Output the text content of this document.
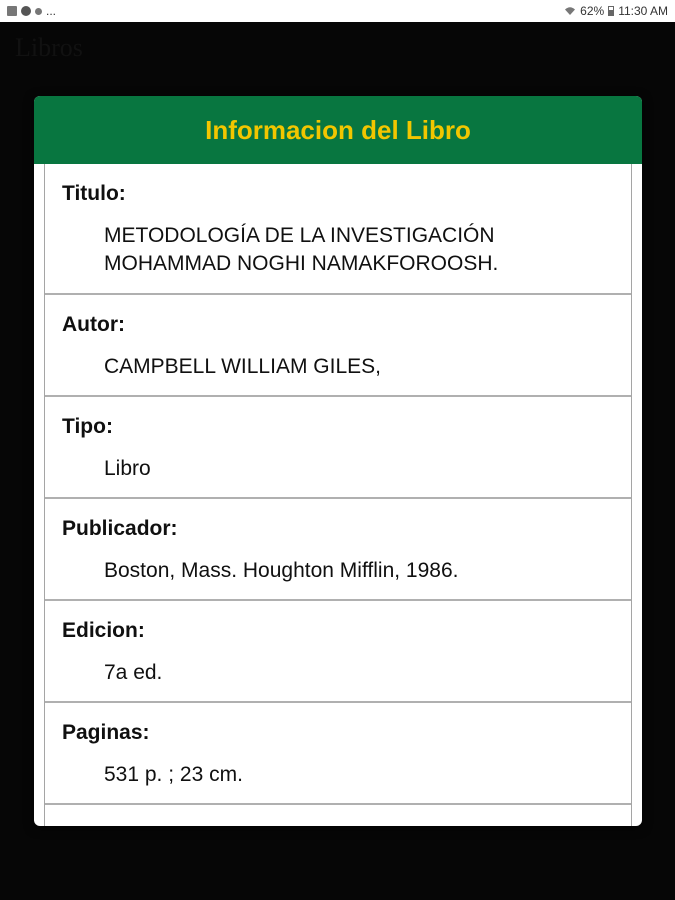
...	62% 11:30 AM
Libros
Informacion del Libro
Titulo:
METODOLOGÍA DE LA INVESTIGACIÓN
MOHAMMAD NOGHI NAMAKFOROOSH.
Autor:
CAMPBELL WILLIAM GILES,
Tipo:
Libro
Publicador:
Boston, Mass. Houghton Mifflin, 1986.
Edicion:
7a ed.
Paginas:
531 p. ; 23 cm.
